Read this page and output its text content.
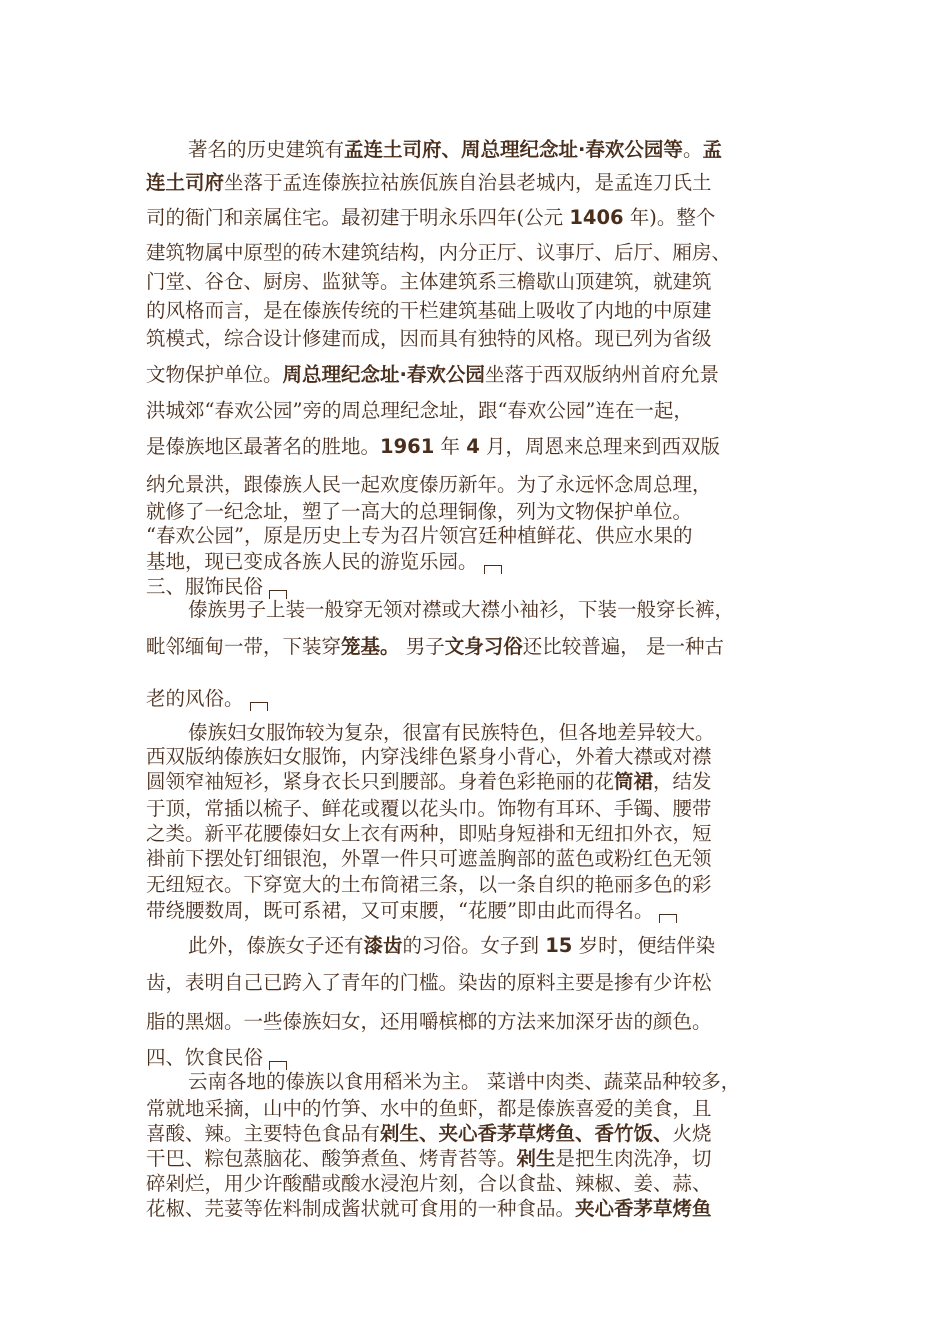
著名的历史建筑有孟连土司府、周总理纪念址·春欢公园等。孟

连土司府坐落于孟连傣族拉祜族佤族自治县老城内，是孟连刀氏土

司的衙门和亲属住宅。最初建于明永乐四年(公元 1406 年)。整个

建筑物属中原型的砖木建筑结构，内分正厅、议事厅、后厅、厢房、

门堂、谷仓、厨房、监狱等。主体建筑系三檐歇山顶建筑，就建筑

的风格而言，是在傣族传统的干栏建筑基础上吸收了内地的中原建

筑模式，综合设计修建而成，因而具有独特的风格。现已列为省级

文物保护单位。周总理纪念址·春欢公园坐落于西双版纳州首府允景

洪城郊“春欢公园”旁的周总理纪念址，跟“春欢公园”连在一起，

是傣族地区最著名的胜地。1961 年 4 月，周恩来总理来到西双版

纳允景洪，跟傣族人民一起欢度傣历新年。为了永远怀念周总理，

就修了一纪念址，塑了一高大的总理铜像，列为文物保护单位。

“春欢公园”，原是历史上专为召片领宫廷种植鲜花、供应水果的

基地，现已变成各族人民的游览乐园。

三、服饰民俗

傣族男子上装一般穿无领对襟或大襟小袖衫，下装一般穿长裤，

毗邻缅甸一带，下装穿笼基。 男子文身习俗还比较普遍， 是一种古

老的风俗。

傣族妇女服饰较为复杂，很富有民族特色，但各地差异较大。

西双版纳傣族妇女服饰，内穿浅绯色紧身小背心，外着大襟或对襟

圆领窄袖短衫，紧身衣长只到腰部。身着色彩艳丽的花筒裙，结发

于顶，常插以梳子、鲜花或覆以花头巾。饰物有耳环、手镯、腰带

之类。新平花腰傣妇女上衣有两种，即贴身短褂和无纽扣外衣，短

褂前下摆处钉细银泡，外罩一件只可遮盖胸部的蓝色或粉红色无领

无纽短衣。下穿宽大的土布筒裙三条，以一条自织的艳丽多色的彩

带绕腰数周，既可系裙，又可束腰，“花腰”即由此而得名。

此外，傣族女子还有漆齿的习俗。女子到 15 岁时，便结伴染

齿，表明自己已跨入了青年的门槛。染齿的原料主要是掺有少许松

脂的黑烟。一些傣族妇女，还用嚼槟榔的方法来加深牙齿的颜色。

四、饮食民俗

云南各地的傣族以食用稻米为主。 菜谱中肉类、蔬菜品种较多，

常就地采摘，山中的竹笋、水中的鱼虾，都是傣族喜爱的美食，且

喜酸、辣。主要特色食品有剁生、夹心香茅草烤鱼、香竹饭、火烧

干巴、粽包蒸脑花、酸笋煮鱼、烤青苔等。剁生是把生肉洗净，切

碎剁烂，用少许酸醋或酸水浸泡片刻，合以食盐、辣椒、姜、蒜、

花椒、芫荽等佐料制成酱状就可食用的一种食品。夹心香茅草烤鱼
